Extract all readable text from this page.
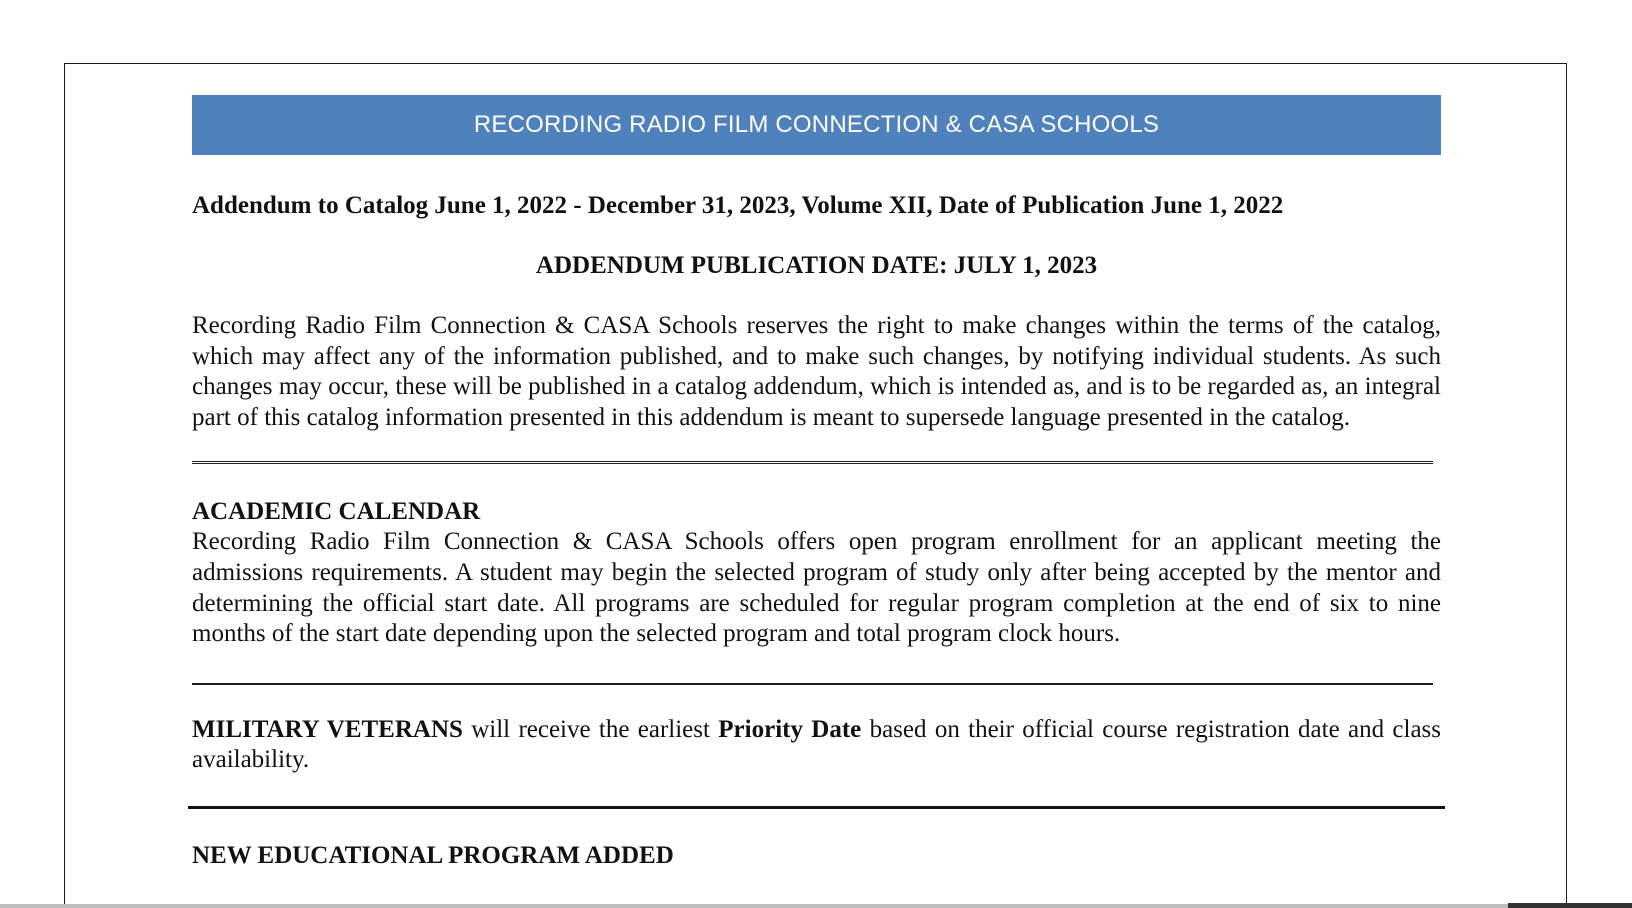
RECORDING RADIO FILM CONNECTION & CASA SCHOOLS
Addendum to Catalog June 1, 2022 - December 31, 2023, Volume XII, Date of Publication June 1, 2022
ADDENDUM PUBLICATION DATE: JULY 1, 2023
Recording Radio Film Connection & CASA Schools reserves the right to make changes within the terms of the catalog, which may affect any of the information published, and to make such changes, by notifying individual students. As such changes may occur, these will be published in a catalog addendum, which is intended as, and is to be regarded as, an integral part of this catalog information presented in this addendum is meant to supersede language presented in the catalog.
ACADEMIC CALENDAR
Recording Radio Film Connection & CASA Schools offers open program enrollment for an applicant meeting the admissions requirements. A student may begin the selected program of study only after being accepted by the mentor and determining the official start date. All programs are scheduled for regular program completion at the end of six to nine months of the start date depending upon the selected program and total program clock hours.
MILITARY VETERANS will receive the earliest Priority Date based on their official course registration date and class availability.
NEW EDUCATIONAL PROGRAM ADDED
